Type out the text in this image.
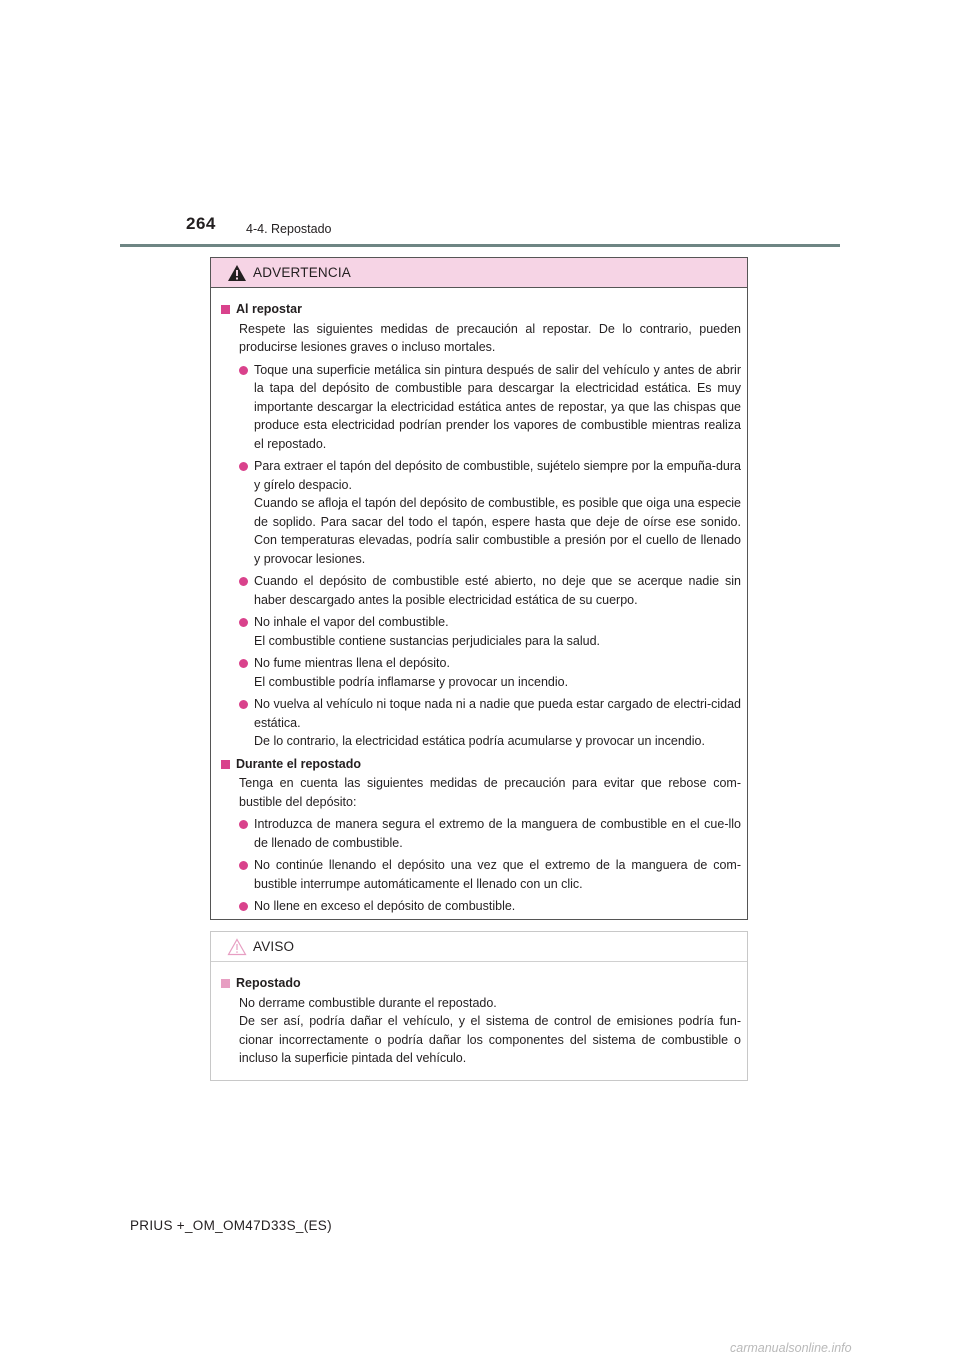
264 4-4. Repostado
ADVERTENCIA
Al repostar
Respete las siguientes medidas de precaución al repostar. De lo contrario, pueden producirse lesiones graves o incluso mortales.
Toque una superficie metálica sin pintura después de salir del vehículo y antes de abrir la tapa del depósito de combustible para descargar la electricidad estática. Es muy importante descargar la electricidad estática antes de repostar, ya que las chispas que produce esta electricidad podrían prender los vapores de combustible mientras realiza el repostado.
Para extraer el tapón del depósito de combustible, sujételo siempre por la empuña-dura y gírelo despacio.
Cuando se afloja el tapón del depósito de combustible, es posible que oiga una especie de soplido. Para sacar del todo el tapón, espere hasta que deje de oírse ese sonido. Con temperaturas elevadas, podría salir combustible a presión por el cuello de llenado y provocar lesiones.
Cuando el depósito de combustible esté abierto, no deje que se acerque nadie sin haber descargado antes la posible electricidad estática de su cuerpo.
No inhale el vapor del combustible.
El combustible contiene sustancias perjudiciales para la salud.
No fume mientras llena el depósito.
El combustible podría inflamarse y provocar un incendio.
No vuelva al vehículo ni toque nada ni a nadie que pueda estar cargado de electri-cidad estática.
De lo contrario, la electricidad estática podría acumularse y provocar un incendio.
Durante el repostado
Tenga en cuenta las siguientes medidas de precaución para evitar que rebose com-bustible del depósito:
Introduzca de manera segura el extremo de la manguera de combustible en el cue-llo de llenado de combustible.
No continúe llenando el depósito una vez que el extremo de la manguera de com-bustible interrumpe automáticamente el llenado con un clic.
No llene en exceso el depósito de combustible.
AVISO
Repostado
No derrame combustible durante el repostado.
De ser así, podría dañar el vehículo, y el sistema de control de emisiones podría fun-cionar incorrectamente o podría dañar los componentes del sistema de combustible o incluso la superficie pintada del vehículo.
PRIUS +_OM_OM47D33S_(ES)
carmanualsonline.info
